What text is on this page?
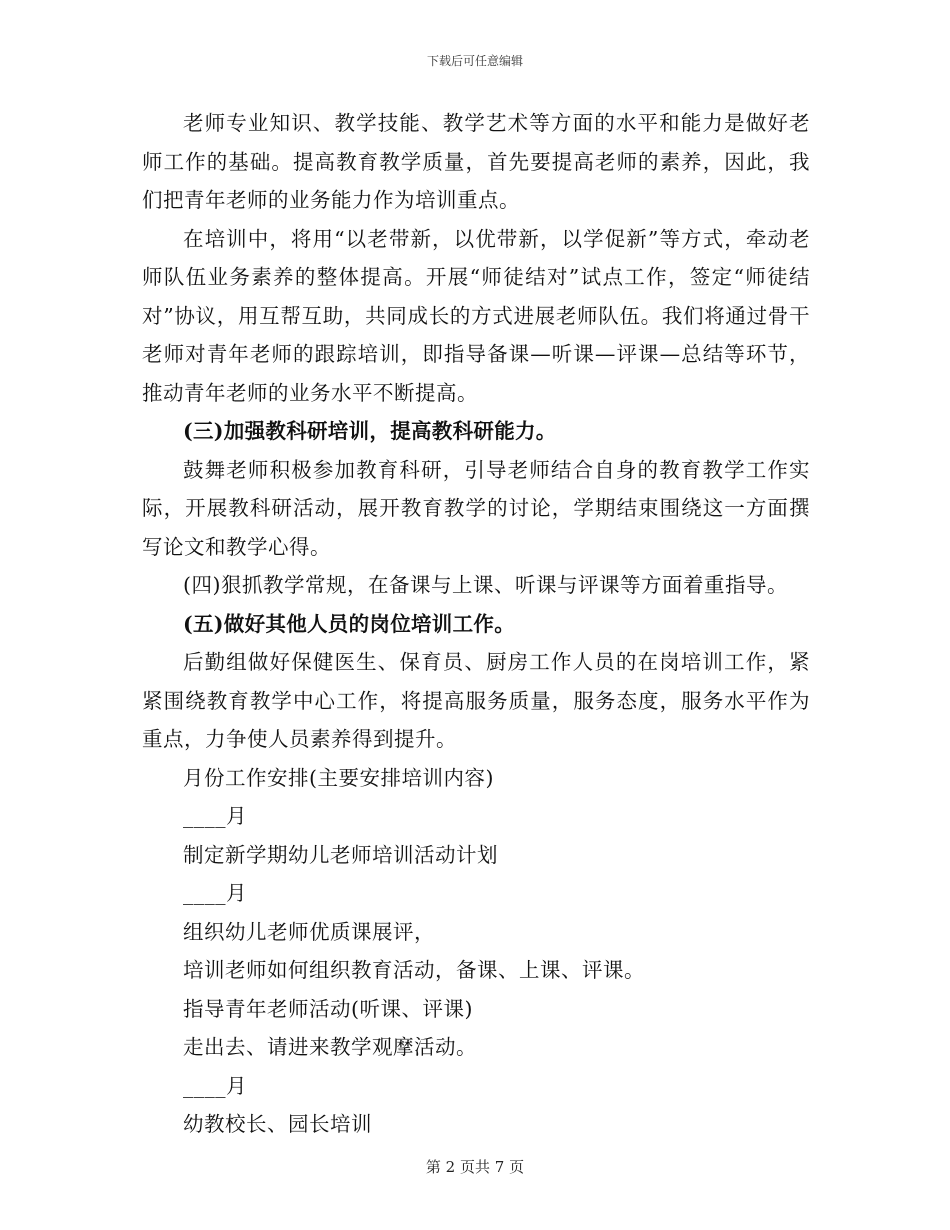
下载后可任意编辑

老师专业知识、教学技能、教学艺术等方面的水平和能力是做好老师工作的基础。提高教育教学质量，首先要提高老师的素养，因此，我们把青年老师的业务能力作为培训重点。

在培训中，将用“以老带新，以优带新，以学促新”等方式，牵动老师队伍业务素养的整体提高。开展“师徒结对”试点工作，签定“师徒结对”协议，用互帮互助，共同成长的方式进展老师队伍。我们将通过骨干老师对青年老师的跟踪培训，即指导备课—听课—评课—总结等环节，推动青年老师的业务水平不断提高。

(三)加强教科研培训，提高教科研能力。

鼓舞老师积极参加教育科研，引导老师结合自身的教育教学工作实际，开展教科研活动，展开教育教学的讨论，学期结束围绕这一方面撰写论文和教学心得。

(四)狠抓教学常规，在备课与上课、听课与评课等方面着重指导。

(五)做好其他人员的岗位培训工作。

后勤组做好保健医生、保育员、厨房工作人员的在岗培训工作，紧紧围绕教育教学中心工作，将提高服务质量，服务态度，服务水平作为重点，力争使人员素养得到提升。

月份工作安排(主要安排培训内容)

____月

制定新学期幼儿老师培训活动计划

____月

组织幼儿老师优质课展评，

培训老师如何组织教育活动，备课、上课、评课。

指导青年老师活动(听课、评课)

走出去、请进来教学观摩活动。

____月

幼教校长、园长培训

第 2 页共 7 页
